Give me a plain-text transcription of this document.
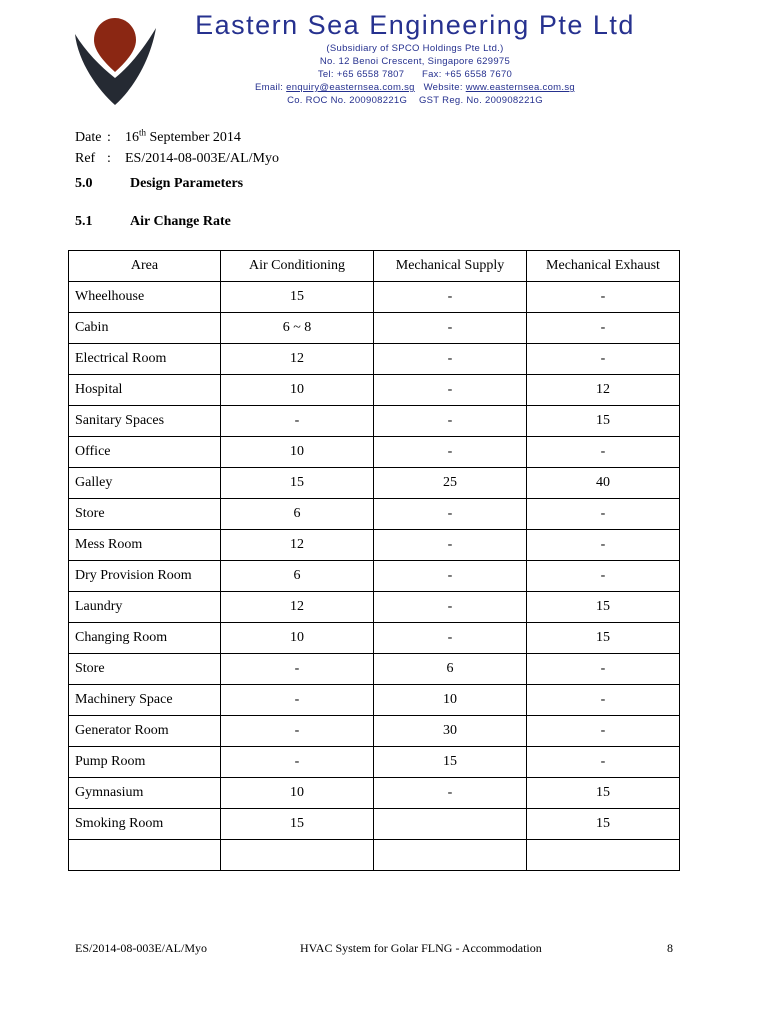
Eastern Sea Engineering Pte Ltd
(Subsidiary of SPCO Holdings Pte Ltd.)
No. 12 Benoi Crescent, Singapore 629975
Tel: +65 6558 7807      Fax: +65 6558 7670
Email: enquiry@easternsea.com.sg   Website: www.easternsea.com.sg
Co. ROC No. 200908221G    GST Reg. No. 200908221G
Date : 16th September 2014
Ref : ES/2014-08-003E/AL/Myo
5.0	Design Parameters
5.1	Air Change Rate
Area	Air Conditioning	Mechanical Supply	Mechanical Exhaust
Wheelhouse	15	-	-
Cabin	6 ~ 8	-	-
Electrical Room	12	-	-
Hospital	10	-	12
Sanitary Spaces	-	-	15
Office	10	-	-
Galley	15	25	40
Store	6	-	-
Mess Room	12	-	-
Dry Provision Room	6	-	-
Laundry	12	-	15
Changing Room	10	-	15
Store	-	6	-
Machinery Space	-	10	-
Generator Room	-	30	-
Pump Room	-	15	-
Gymnasium	10	-	15
Smoking Room	15		15

ES/2014-08-003E/AL/Myo	HVAC System for Golar FLNG - Accommodation	8
